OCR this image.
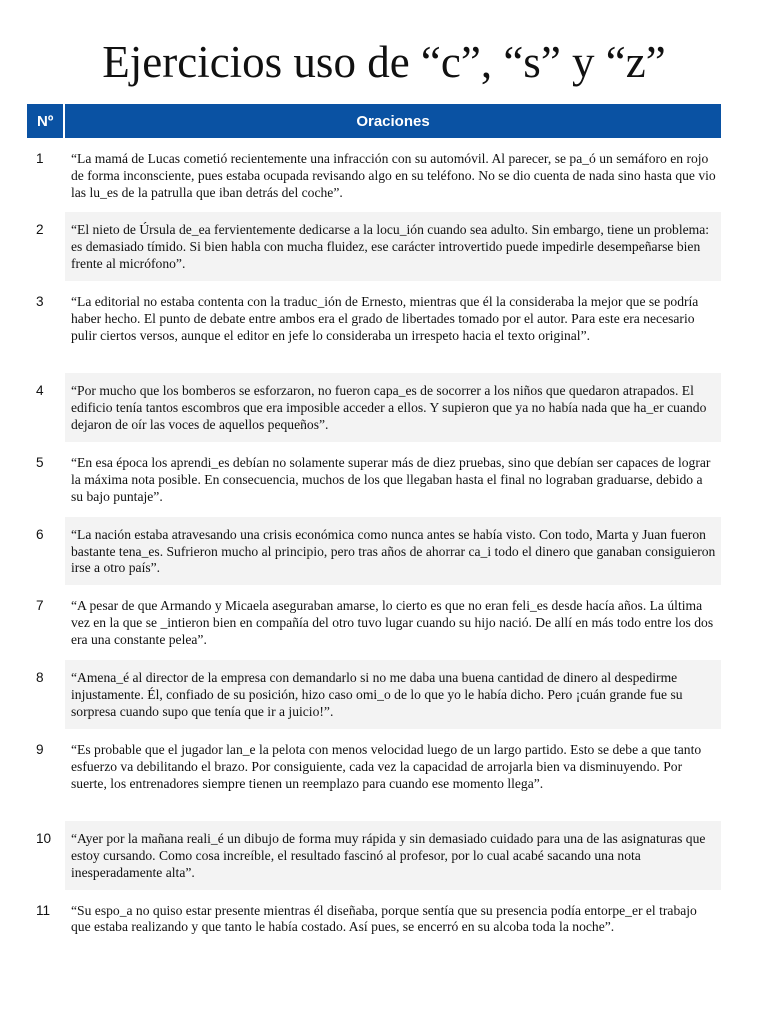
Ejercicios uso de “c”, “s” y “z”
Nº	Oraciones
1	“La mamá de Lucas cometió recientemente una infracción con su automóvil. Al parecer, se pa_ó un semáforo en rojo de forma inconsciente, pues estaba ocupada revisando algo en su teléfono. No se dio cuenta de nada sino hasta que vio las lu_es de la patrulla que iban detrás del coche”.
2	“El nieto de Úrsula de_ea fervientemente dedicarse a la locu_ión cuando sea adulto. Sin embargo, tiene un problema: es demasiado tímido. Si bien habla con mucha fluidez, ese carácter introvertido puede impedirle desempeñarse bien frente al micrófono”.
3	“La editorial no estaba contenta con la traduc_ión de Ernesto, mientras que él la consideraba la mejor que se podría haber hecho. El punto de debate entre ambos era el grado de libertades tomado por el autor. Para este era necesario pulir ciertos versos, aunque el editor en jefe lo consideraba un irrespeto hacia el texto original”.
4	“Por mucho que los bomberos se esforzaron, no fueron capa_es de socorrer a los niños que quedaron atrapados. El edificio tenía tantos escombros que era imposible acceder a ellos. Y supieron que ya no había nada que ha_er cuando dejaron de oír las voces de aquellos pequeños”.
5	“En esa época los aprendi_es debían no solamente superar más de diez pruebas, sino que debían ser capaces de lograr la máxima nota posible. En consecuencia, muchos de los que llegaban hasta el final no lograban graduarse, debido a su bajo puntaje”.
6	“La nación estaba atravesando una crisis económica como nunca antes se había visto. Con todo, Marta y Juan fueron bastante tena_es. Sufrieron mucho al principio, pero tras años de ahorrar ca_i todo el dinero que ganaban consiguieron irse a otro país”.
7	“A pesar de que Armando y Micaela aseguraban amarse, lo cierto es que no eran feli_es desde hacía años. La última vez en la que se _intieron bien en compañía del otro tuvo lugar cuando su hijo nació. De allí en más todo entre los dos era una constante pelea”.
8	“Amena_é al director de la empresa con demandarlo si no me daba una buena cantidad de dinero al despedirme injustamente. Él, confiado de su posición, hizo caso omi_o de lo que yo le había dicho. Pero ¡cuán grande fue su sorpresa cuando supo que tenía que ir a juicio!”.
9	“Es probable que el jugador lan_e la pelota con menos velocidad luego de un largo partido. Esto se debe a que tanto esfuerzo va debilitando el brazo. Por consiguiente, cada vez la capacidad de arrojarla bien va disminuyendo. Por suerte, los entrenadores siempre tienen un reemplazo para cuando ese momento llega”.
10	“Ayer por la mañana reali_é un dibujo de forma muy rápida y sin demasiado cuidado para una de las asignaturas que estoy cursando. Como cosa increíble, el resultado fascinó al profesor, por lo cual acabé sacando una nota inesperadamente alta”.
11	“Su espo_a no quiso estar presente mientras él diseñaba, porque sentía que su presencia podía entorpe_er el trabajo que estaba realizando y que tanto le había costado. Así pues, se encerró en su alcoba toda la noche”.
